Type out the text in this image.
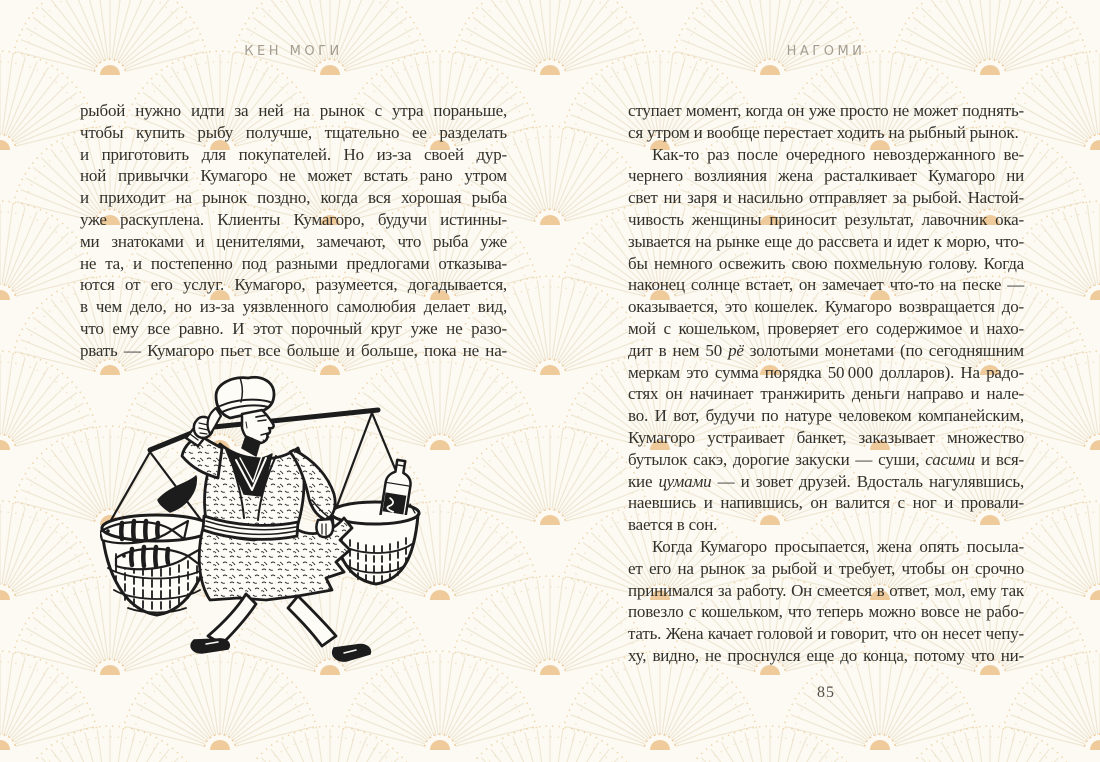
КЕН МОГИ
рыбой нужно идти за ней на рынок с утра пораньше,
чтобы купить рыбу получше, тщательно ее разделать
и приготовить для покупателей. Но из-за своей дур-
ной привычки Кумагоро не может встать рано утром
и приходит на рынок поздно, когда вся хорошая рыба
уже раскуплена. Клиенты Кумагоро, будучи истинны-
ми знатоками и ценителями, замечают, что рыба уже
не та, и постепенно под разными предлогами отказыва-
ются от его услуг. Кумагоро, разумеется, догадывается,
в чем дело, но из-за уязвленного самолюбия делает вид,
что ему все равно. И этот порочный круг уже не разо-
рвать — Кумагоро пьет все больше и больше, пока не на-
НАГОМИ
ступает момент, когда он уже просто не может поднять-
ся утром и вообще перестает ходить на рыбный рынок.
Как-то раз после очередного невоздержанного ве-
чернего возлияния жена расталкивает Кумагоро ни
свет ни заря и насильно отправляет за рыбой. Настой-
чивость женщины приносит результат, лавочник ока-
зывается на рынке еще до рассвета и идет к морю, что-
бы немного освежить свою похмельную голову. Когда
наконец солнце встает, он замечает что-то на песке —
оказывается, это кошелек. Кумагоро возвращается до-
мой с кошельком, проверяет его содержимое и нахо-
дит в нем 50 рё золотыми монетами (по сегодняшним
меркам это сумма порядка 50 000 долларов). На радо-
стях он начинает транжирить деньги направо и нале-
во. И вот, будучи по натуре человеком компанейским,
Кумагоро устраивает банкет, заказывает множество
бутылок сакэ, дорогие закуски — суши, сасими и вся-
кие цумами — и зовет друзей. Вдосталь нагулявшись,
наевшись и напившись, он валится с ног и провали-
вается в сон.
Когда Кумагоро просыпается, жена опять посыла-
ет его на рынок за рыбой и требует, чтобы он срочно
принимался за работу. Он смеется в ответ, мол, ему так
повезло с кошельком, что теперь можно вовсе не рабо-
тать. Жена качает головой и говорит, что он несет чепу-
ху, видно, не проснулся еще до конца, потому что ни-
85
